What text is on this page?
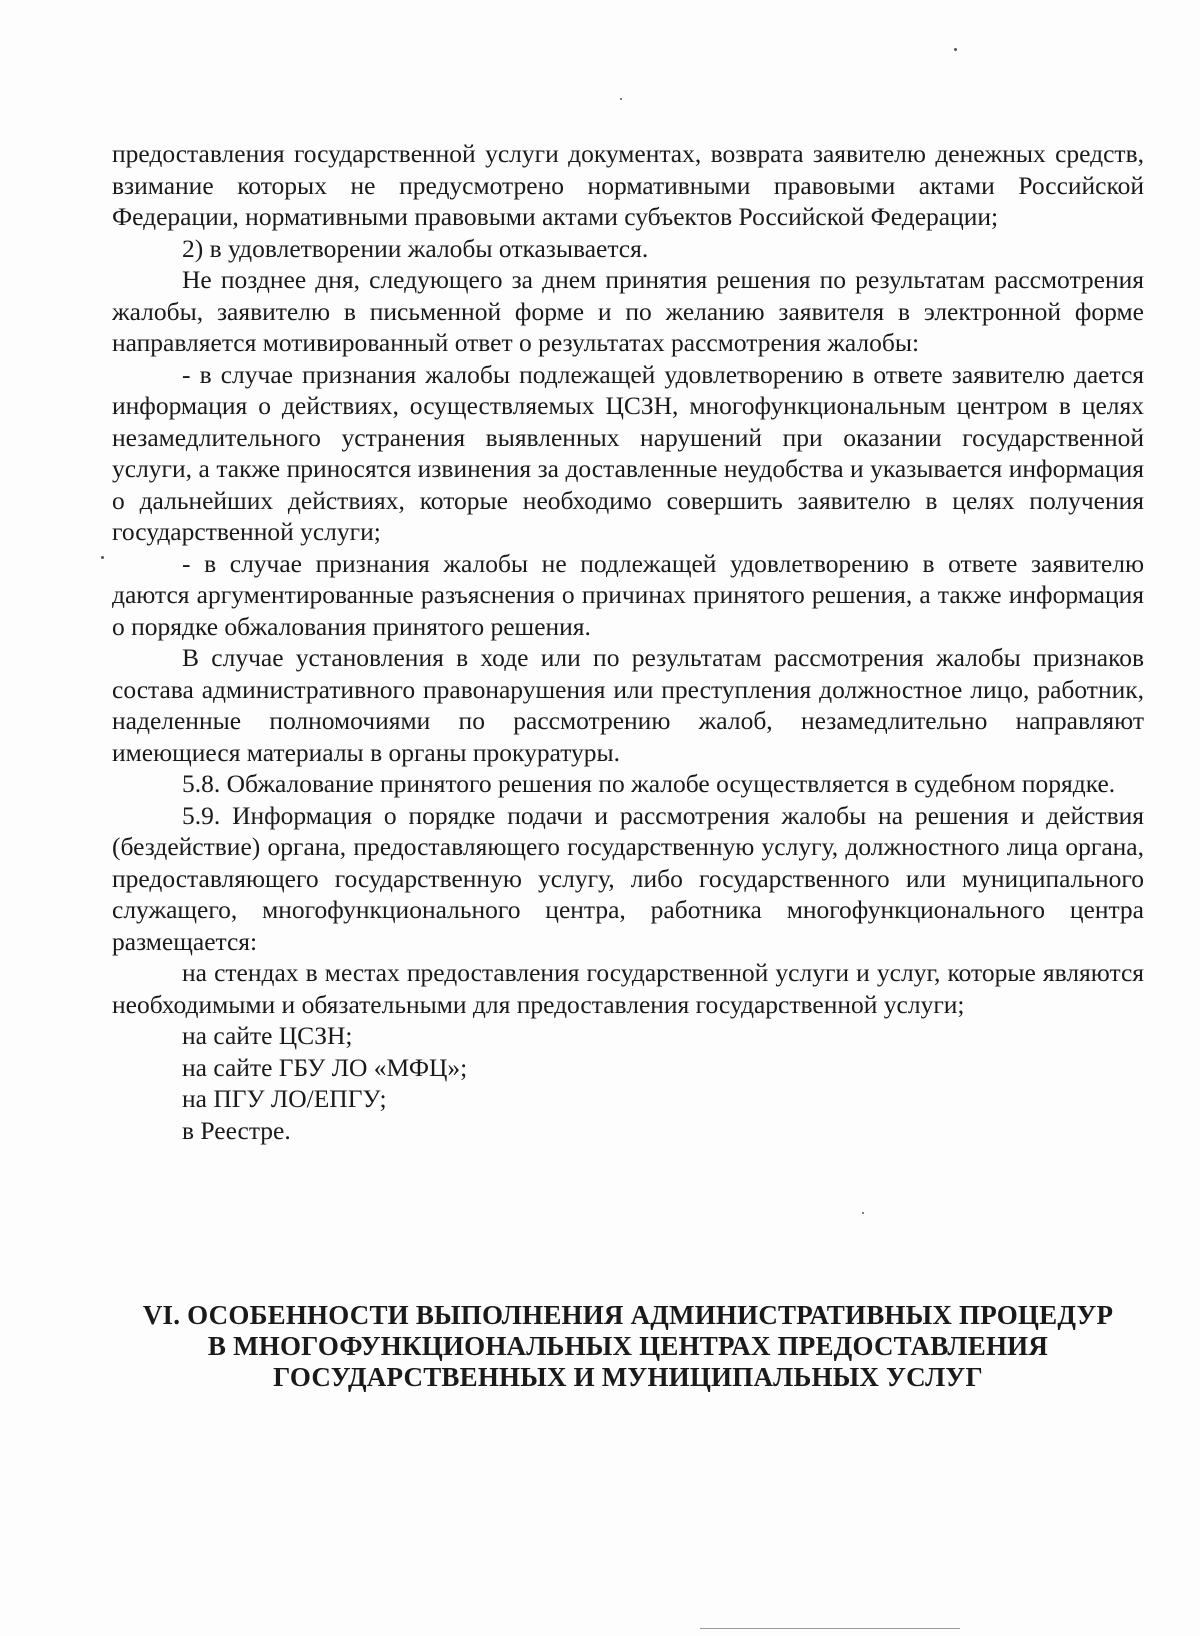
предоставления государственной услуги документах, возврата заявителю денежных средств, взимание которых не предусмотрено нормативными правовыми актами Российской Федерации, нормативными правовыми актами субъектов Российской Федерации;

2) в удовлетворении жалобы отказывается.

Не позднее дня, следующего за днем принятия решения по результатам рассмотрения жалобы, заявителю в письменной форме и по желанию заявителя в электронной форме направляется мотивированный ответ о результатах рассмотрения жалобы:

- в случае признания жалобы подлежащей удовлетворению в ответе заявителю дается информация о действиях, осуществляемых ЦСЗН, многофункциональным центром в целях незамедлительного устранения выявленных нарушений при оказании государственной услуги, а также приносятся извинения за доставленные неудобства и указывается информация о дальнейших действиях, которые необходимо совершить заявителю в целях получения государственной услуги;

- в случае признания жалобы не подлежащей удовлетворению в ответе заявителю даются аргументированные разъяснения о причинах принятого решения, а также информация о порядке обжалования принятого решения.

В случае установления в ходе или по результатам рассмотрения жалобы признаков состава административного правонарушения или преступления должностное лицо, работник, наделенные полномочиями по рассмотрению жалоб, незамедлительно направляют имеющиеся материалы в органы прокуратуры.

5.8. Обжалование принятого решения по жалобе осуществляется в судебном порядке.

5.9. Информация о порядке подачи и рассмотрения жалобы на решения и действия (бездействие) органа, предоставляющего государственную услугу, должностного лица органа, предоставляющего государственную услугу, либо государственного или муниципального служащего, многофункционального центра, работника многофункционального центра размещается:

на стендах в местах предоставления государственной услуги и услуг, которые являются необходимыми и обязательными для предоставления государственной услуги;

на сайте ЦСЗН;

на сайте ГБУ ЛО «МФЦ»;

на ПГУ ЛО/ЕПГУ;

в Реестре.

VI. ОСОБЕННОСТИ ВЫПОЛНЕНИЯ АДМИНИСТРАТИВНЫХ ПРОЦЕДУР
В МНОГОФУНКЦИОНАЛЬНЫХ ЦЕНТРАХ ПРЕДОСТАВЛЕНИЯ
ГОСУДАРСТВЕННЫХ И МУНИЦИПАЛЬНЫХ УСЛУГ
